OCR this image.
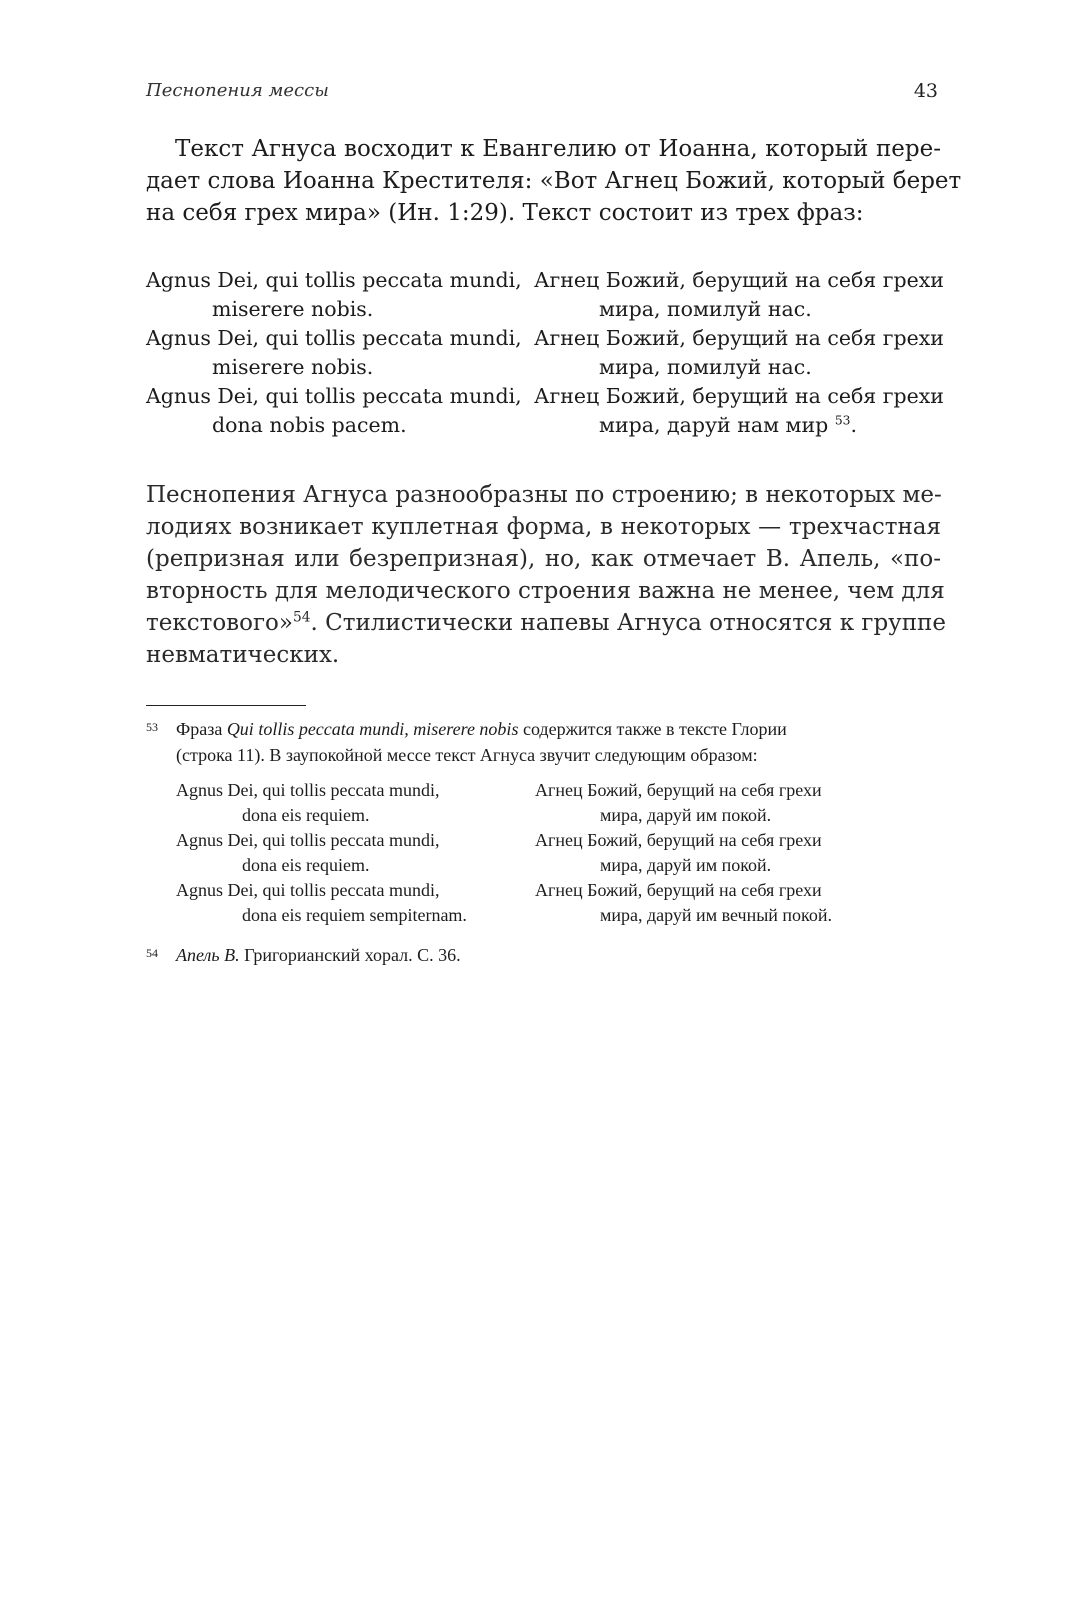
Песнопения мессы	43

Текст Агнуса восходит к Евангелию от Иоанна, который пере-
дает слова Иоанна Крестителя: «Вот Агнец Божий, который берет
на себя грех мира» (Ин. 1:29). Текст состоит из трех фраз:

Agnus Dei, qui tollis peccata mundi,
miserere nobis.
Агнец Божий, берущий на себя грехи
мира, помилуй нас.
Agnus Dei, qui tollis peccata mundi,
miserere nobis.
Агнец Божий, берущий на себя грехи
мира, помилуй нас.
Agnus Dei, qui tollis peccata mundi,
dona nobis pacem.
Агнец Божий, берущий на себя грехи
мира, даруй нам мир $^{53}$.

Песнопения Агнуса разнообразны по строению; в некоторых ме-
лодиях возникает куплетная форма, в некоторых — трехчастная
(репризная или безрепризная), но, как отмечает В. Апель, «по-
вторность для мелодического строения важна не менее, чем для
текстового»$^{54}$. Стилистически напевы Агнуса относятся к группе
невматических.

53 Фраза Qui tollis peccata mundi, miserere nobis содержится также в тексте Глории
(строка 11). В заупокойной мессе текст Агнуса звучит следующим образом:
Agnus Dei, qui tollis peccata mundi,
dona eis requiem.
Агнец Божий, берущий на себя грехи
мира, даруй им покой.
Agnus Dei, qui tollis peccata mundi,
dona eis requiem.
Агнец Божий, берущий на себя грехи
мира, даруй им покой.
Agnus Dei, qui tollis peccata mundi,
dona eis requiem sempiternam.
Агнец Божий, берущий на себя грехи
мира, даруй им вечный покой.
54 Апель В. Григорианский хорал. С. 36.
